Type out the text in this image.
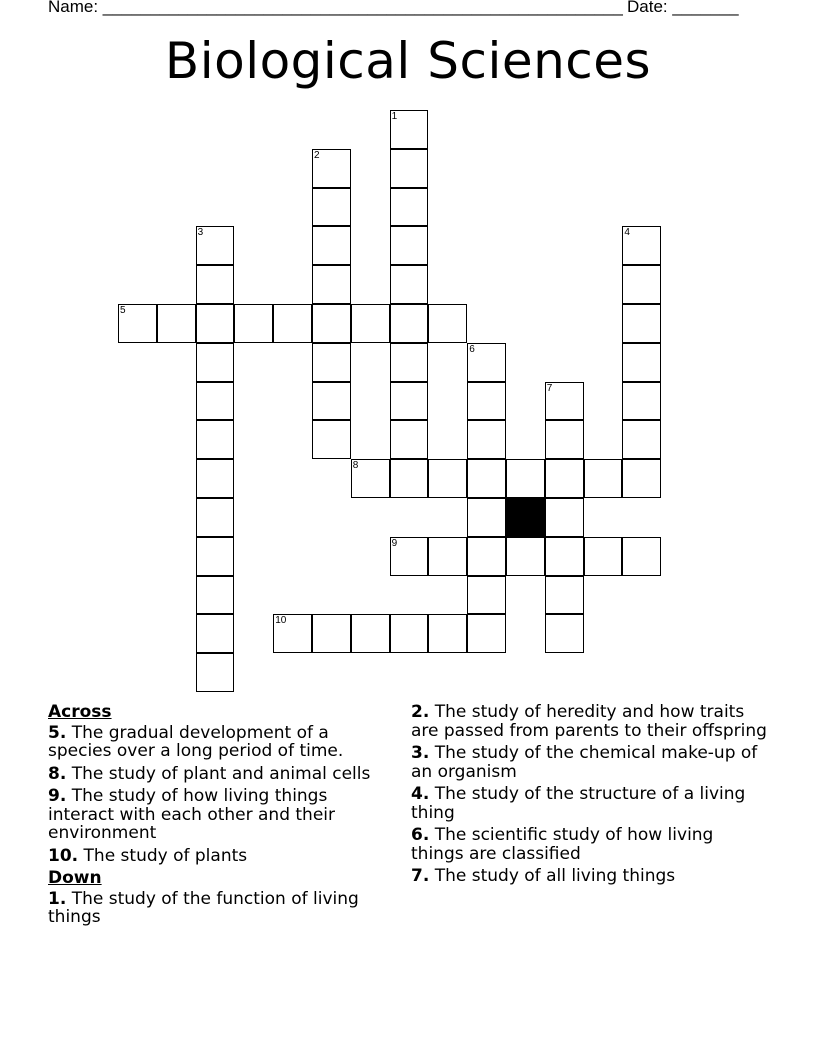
Name: _______________________________________________________ Date: _______
Biological Sciences
1
2
3	4
5
6
7
8
9
10
Across
5. The gradual development of a species over a long period of time.
8. The study of plant and animal cells
9. The study of how living things interact with each other and their environment
10. The study of plants
Down
1. The study of the function of living things
2. The study of heredity and how traits are passed from parents to their offspring
3. The study of the chemical make-up of an organism
4. The study of the structure of a living thing
6. The scientific study of how living things are classified
7. The study of all living things
